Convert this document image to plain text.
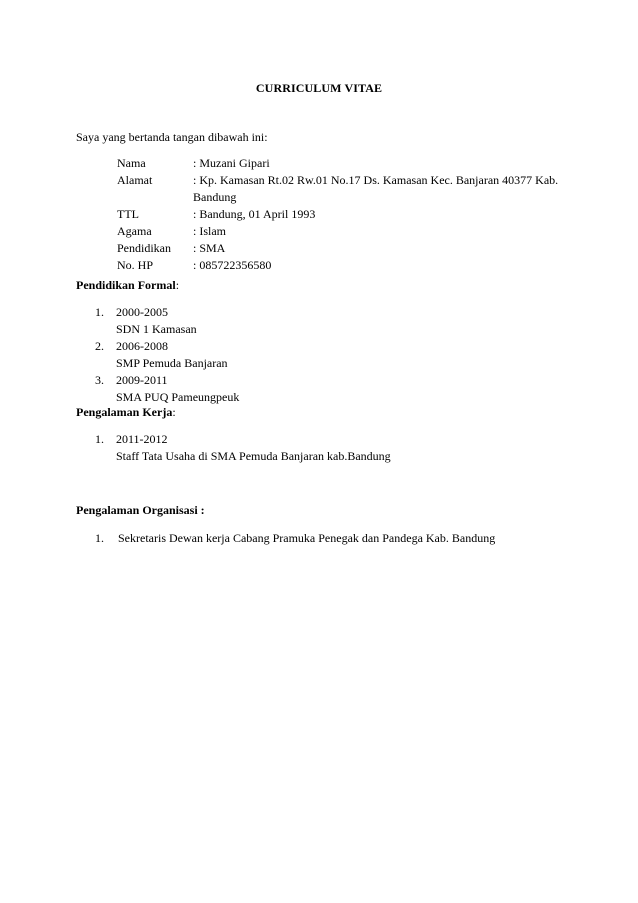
CURRICULUM VITAE
Saya yang bertanda tangan dibawah ini:
Nama	: Muzani Gipari
Alamat	: Kp. Kamasan Rt.02 Rw.01 No.17 Ds. Kamasan Kec. Banjaran 40377 Kab. Bandung
TTL	: Bandung, 01 April 1993
Agama	: Islam
Pendidikan	: SMA
No. HP	: 085722356580
Pendidikan Formal:
1.	2000-2005
SDN 1 Kamasan
2.	2006-2008
SMP Pemuda Banjaran
3.	2009-2011
SMA PUQ Pameungpeuk
Pengalaman Kerja:
1.	2011-2012
Staff Tata Usaha di SMA Pemuda Banjaran kab.Bandung
Pengalaman Organisasi :
1.	Sekretaris Dewan kerja Cabang Pramuka Penegak dan Pandega Kab. Bandung
